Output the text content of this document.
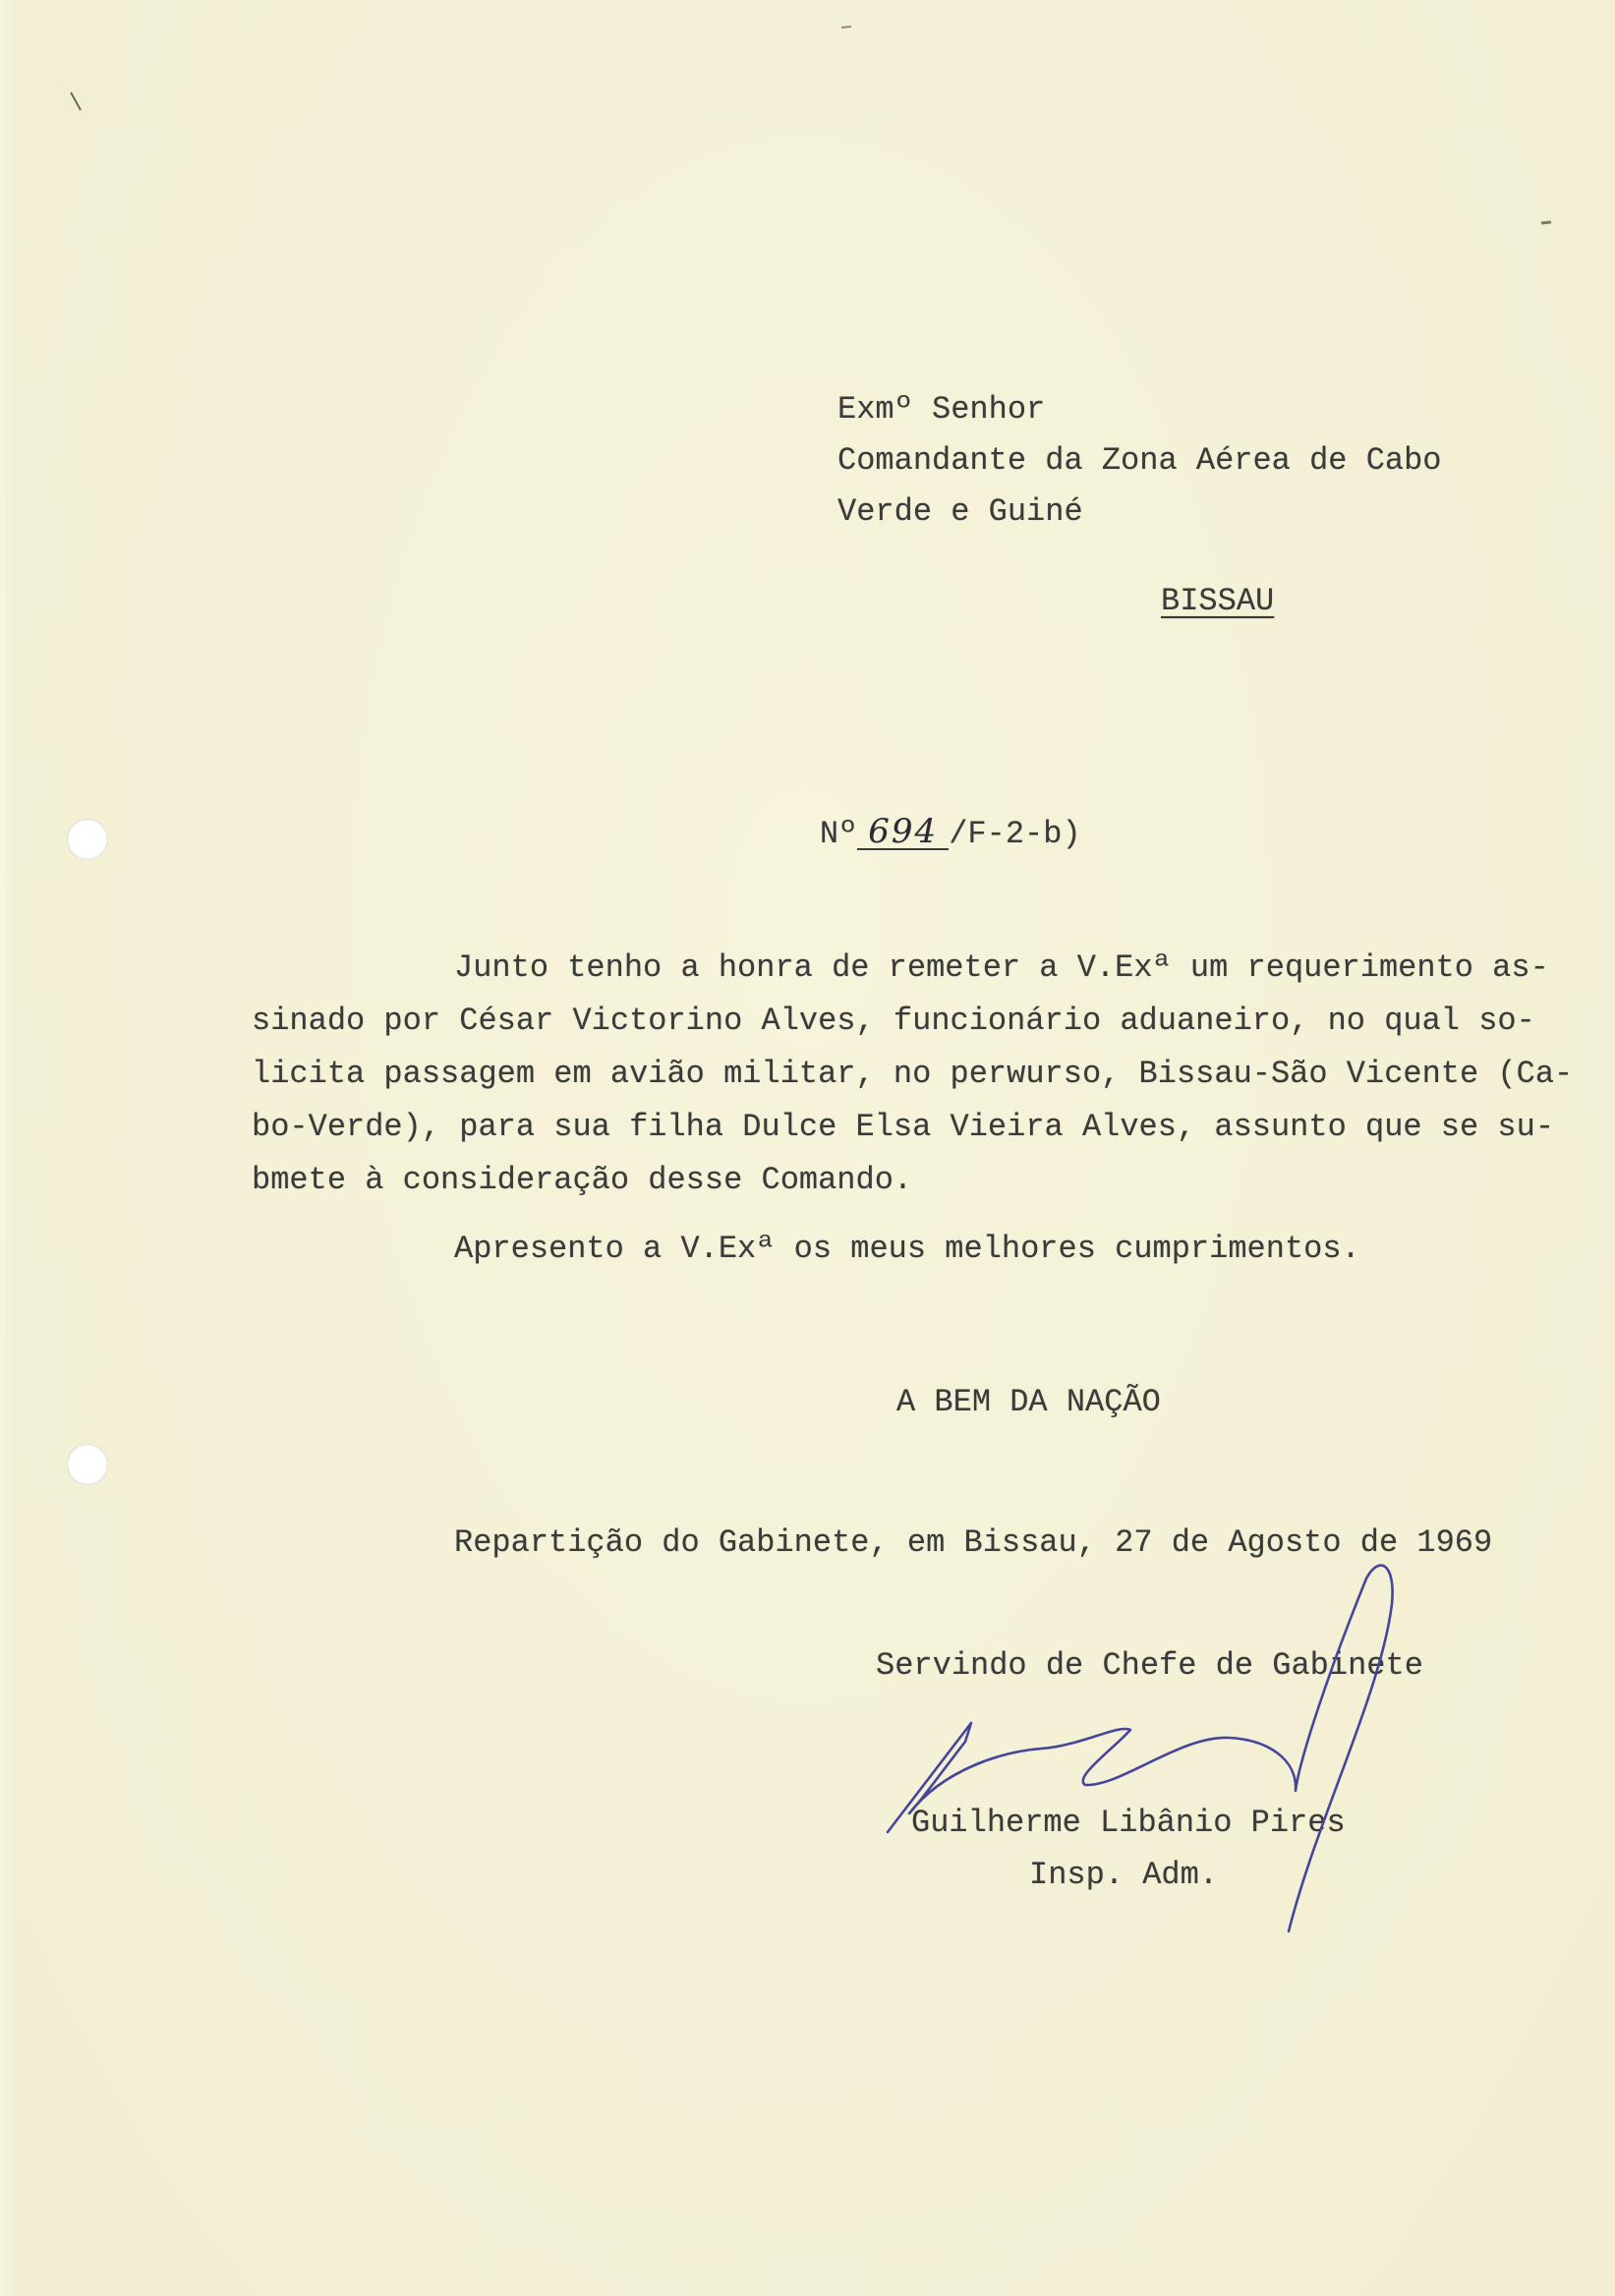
Exmº Senhor
Comandante da Zona Aérea de Cabo
Verde e Guiné
BISSAU

Nº 694 /F-2-b)

Junto tenho a honra de remeter a V.Exª um requerimento as-
sinado por César Victorino Alves, funcionário aduaneiro, no qual so-
licita passagem em avião militar, no perwurso, Bissau-São Vicente (Ca-
bo-Verde), para sua filha Dulce Elsa Vieira Alves, assunto que se su-
bmete à consideração desse Comando.
Apresento a V.Exª os meus melhores cumprimentos.
A BEM DA NAÇÃO
Repartição do Gabinete, em Bissau, 27 de Agosto de 1969
Servindo de Chefe de Gabinete
Guilherme Libânio Pires
Insp. Adm.
